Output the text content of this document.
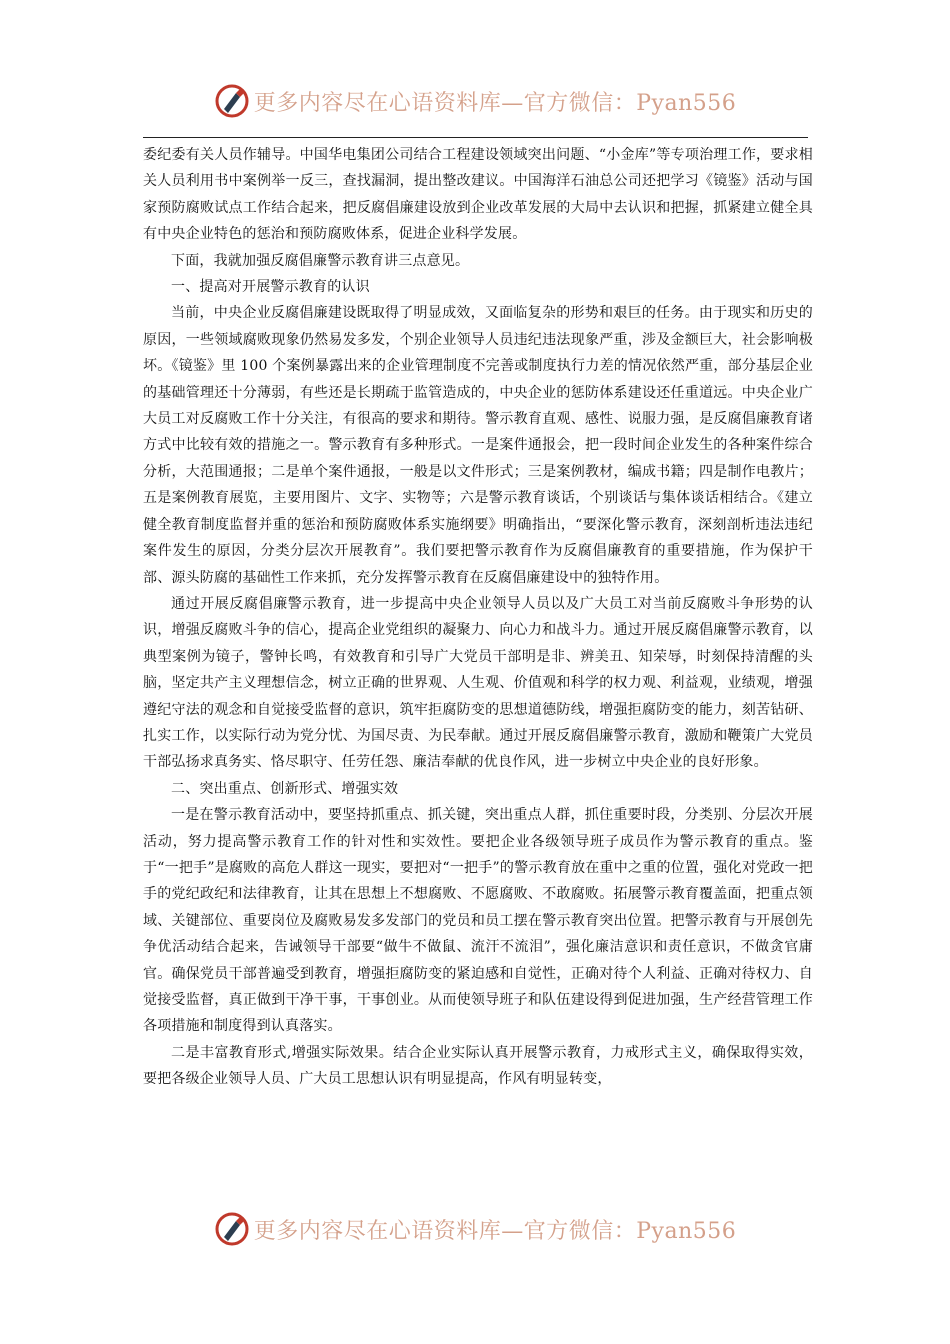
更多内容尽在心语资料库—官方微信：Pyan556

委纪委有关人员作辅导。中国华电集团公司结合工程建设领域突出问题、“小金库”等专项治理工作，要求相关人员利用书中案例举一反三，查找漏洞，提出整改建议。中国海洋石油总公司还把学习《镜鉴》活动与国家预防腐败试点工作结合起来，把反腐倡廉建设放到企业改革发展的大局中去认识和把握，抓紧建立健全具有中央企业特色的惩治和预防腐败体系，促进企业科学发展。

下面，我就加强反腐倡廉警示教育讲三点意见。

一、提高对开展警示教育的认识

当前，中央企业反腐倡廉建设既取得了明显成效，又面临复杂的形势和艰巨的任务。由于现实和历史的原因，一些领域腐败现象仍然易发多发，个别企业领导人员违纪违法现象严重，涉及金额巨大，社会影响极坏。《镜鉴》里 100 个案例暴露出来的企业管理制度不完善或制度执行力差的情况依然严重，部分基层企业的基础管理还十分薄弱，有些还是长期疏于监管造成的，中央企业的惩防体系建设还任重道远。中央企业广大员工对反腐败工作十分关注，有很高的要求和期待。警示教育直观、感性、说服力强，是反腐倡廉教育诸方式中比较有效的措施之一。警示教育有多种形式。一是案件通报会，把一段时间企业发生的各种案件综合分析，大范围通报；二是单个案件通报，一般是以文件形式；三是案例教材，编成书籍；四是制作电教片；五是案例教育展览，主要用图片、文字、实物等；六是警示教育谈话，个别谈话与集体谈话相结合。《建立健全教育制度监督并重的惩治和预防腐败体系实施纲要》明确指出，“要深化警示教育，深刻剖析违法违纪案件发生的原因，分类分层次开展教育”。我们要把警示教育作为反腐倡廉教育的重要措施，作为保护干部、源头防腐的基础性工作来抓，充分发挥警示教育在反腐倡廉建设中的独特作用。

通过开展反腐倡廉警示教育，进一步提高中央企业领导人员以及广大员工对当前反腐败斗争形势的认识，增强反腐败斗争的信心，提高企业党组织的凝聚力、向心力和战斗力。通过开展反腐倡廉警示教育，以典型案例为镜子，警钟长鸣，有效教育和引导广大党员干部明是非、辨美丑、知荣辱，时刻保持清醒的头脑，坚定共产主义理想信念，树立正确的世界观、人生观、价值观和科学的权力观、利益观，业绩观，增强遵纪守法的观念和自觉接受监督的意识，筑牢拒腐防变的思想道德防线，增强拒腐防变的能力，刻苦钻研、扎实工作，以实际行动为党分忧、为国尽责、为民奉献。通过开展反腐倡廉警示教育，激励和鞭策广大党员干部弘扬求真务实、恪尽职守、任劳任怨、廉洁奉献的优良作风，进一步树立中央企业的良好形象。

二、突出重点、创新形式、增强实效

一是在警示教育活动中，要坚持抓重点、抓关键，突出重点人群，抓住重要时段，分类别、分层次开展活动，努力提高警示教育工作的针对性和实效性。要把企业各级领导班子成员作为警示教育的重点。鉴于“一把手”是腐败的高危人群这一现实，要把对“一把手”的警示教育放在重中之重的位置，强化对党政一把手的党纪政纪和法律教育，让其在思想上不想腐败、不愿腐败、不敢腐败。拓展警示教育覆盖面，把重点领域、关键部位、重要岗位及腐败易发多发部门的党员和员工摆在警示教育突出位置。把警示教育与开展创先争优活动结合起来，告诫领导干部要“做牛不做鼠、流汗不流泪”，强化廉洁意识和责任意识，不做贪官庸官。确保党员干部普遍受到教育，增强拒腐防变的紧迫感和自觉性，正确对待个人利益、正确对待权力、自觉接受监督，真正做到干净干事，干事创业。从而使领导班子和队伍建设得到促进加强，生产经营管理工作各项措施和制度得到认真落实。

二是丰富教育形式,增强实际效果。结合企业实际认真开展警示教育，力戒形式主义，确保取得实效，要把各级企业领导人员、广大员工思想认识有明显提高，作风有明显转变，

更多内容尽在心语资料库—官方微信：Pyan556
